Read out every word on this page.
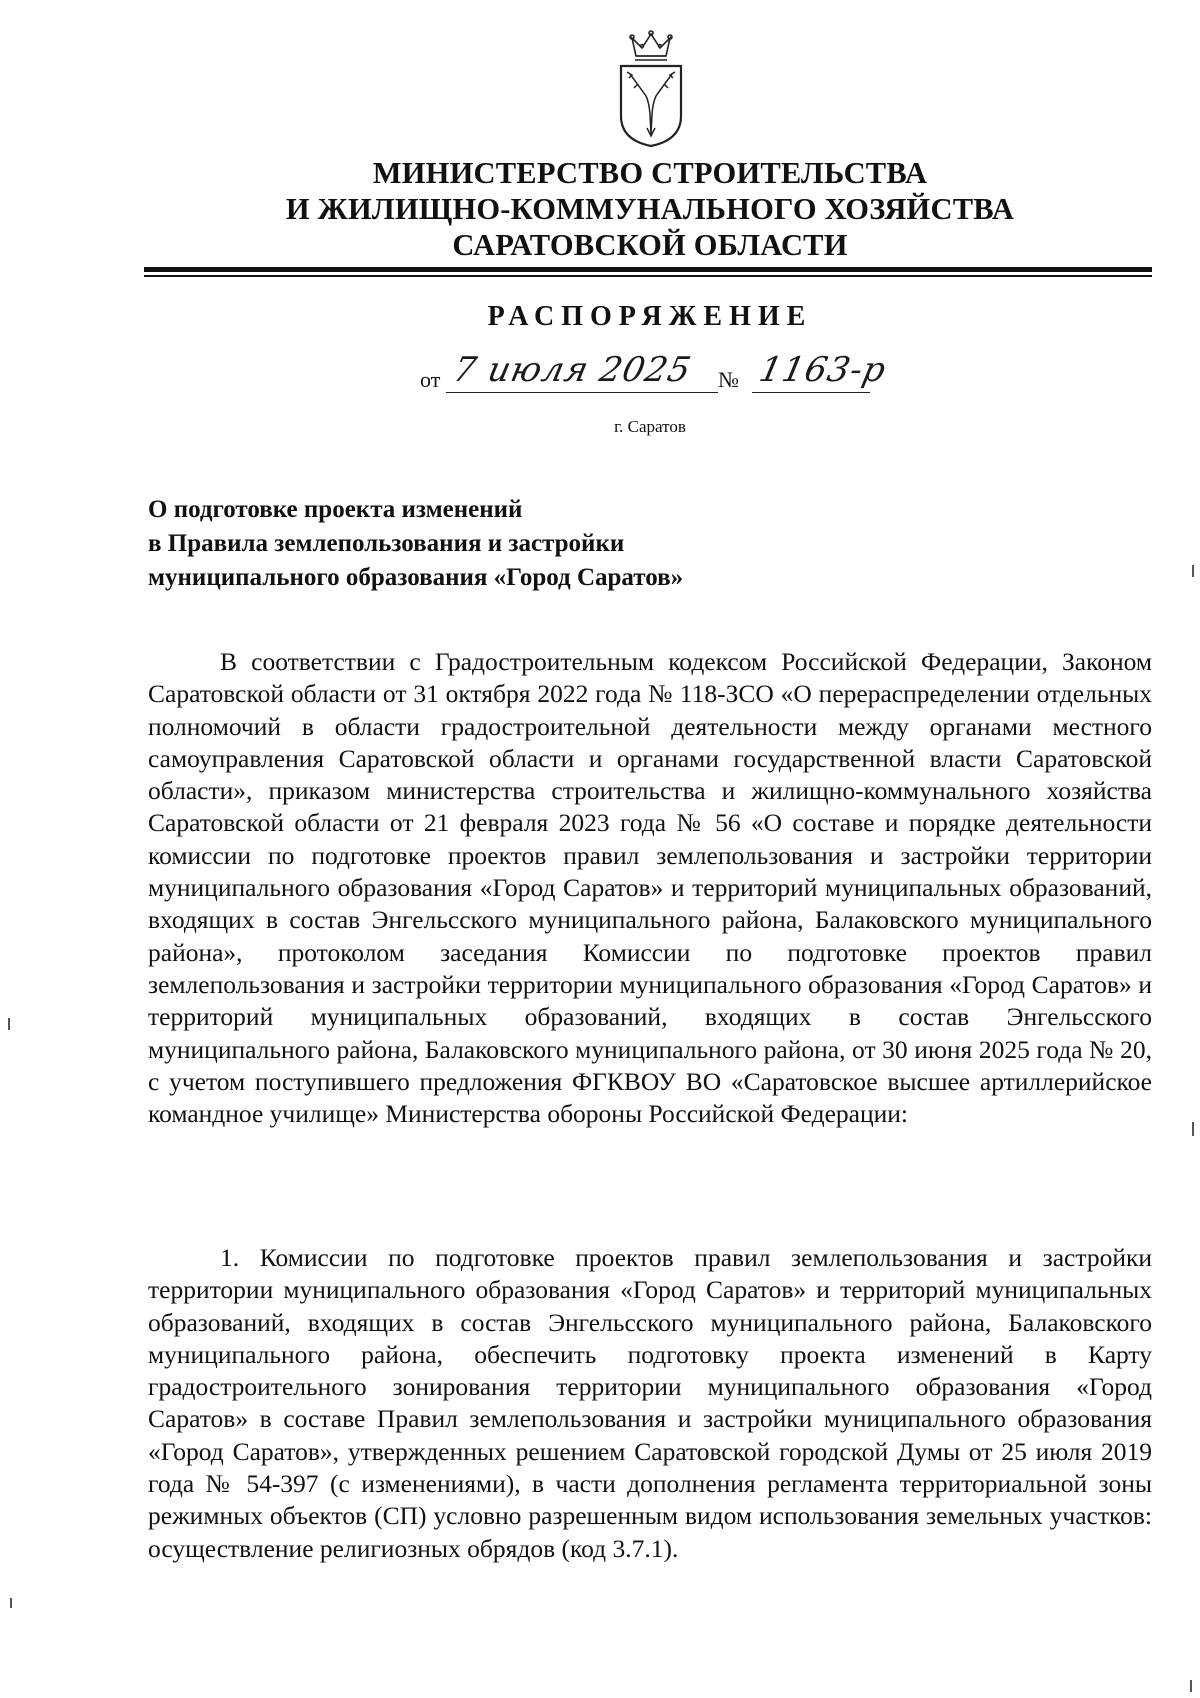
МИНИСТЕРСТВО СТРОИТЕЛЬСТВА
И ЖИЛИЩНО-КОММУНАЛЬНОГО ХОЗЯЙСТВА
САРАТОВСКОЙ ОБЛАСТИ
РАСПОРЯЖЕНИЕ
от 7 июля 2025 № 1163-р
г. Саратов
О подготовке проекта изменений
в Правила землепользования и застройки
муниципального образования «Город Саратов»

В соответствии с Градостроительным кодексом Российской Федерации, Законом Саратовской области от 31 октября 2022 года № 118-ЗСО «О перераспределении отдельных полномочий в области градостроительной деятельности между органами местного самоуправления Саратовской области и органами государственной власти Саратовской области», приказом министерства строительства и жилищно-коммунального хозяйства Саратовской области от 21 февраля 2023 года № 56 «О составе и порядке деятельности комиссии по подготовке проектов правил землепользования и застройки территории муниципального образования «Город Саратов» и территорий муниципальных образований, входящих в состав Энгельсского муниципального района, Балаковского муниципального района», протоколом заседания Комиссии по подготовке проектов правил землепользования и застройки территории муниципального образования «Город Саратов» и территорий муниципальных образований, входящих в состав Энгельсского муниципального района, Балаковского муниципального района, от 30 июня 2025 года № 20, с учетом поступившего предложения ФГКВОУ ВО «Саратовское высшее артиллерийское командное училище» Министерства обороны Российской Федерации:

1. Комиссии по подготовке проектов правил землепользования и застройки территории муниципального образования «Город Саратов» и территорий муниципальных образований, входящих в состав Энгельсского муниципального района, Балаковского муниципального района, обеспечить подготовку проекта изменений в Карту градостроительного зонирования территории муниципального образования «Город Саратов» в составе Правил землепользования и застройки муниципального образования «Город Саратов», утвержденных решением Саратовской городской Думы от 25 июля 2019 года № 54-397 (с изменениями), в части дополнения регламента территориальной зоны режимных объектов (СП) условно разрешенным видом использования земельных участков: осуществление религиозных обрядов (код 3.7.1).
